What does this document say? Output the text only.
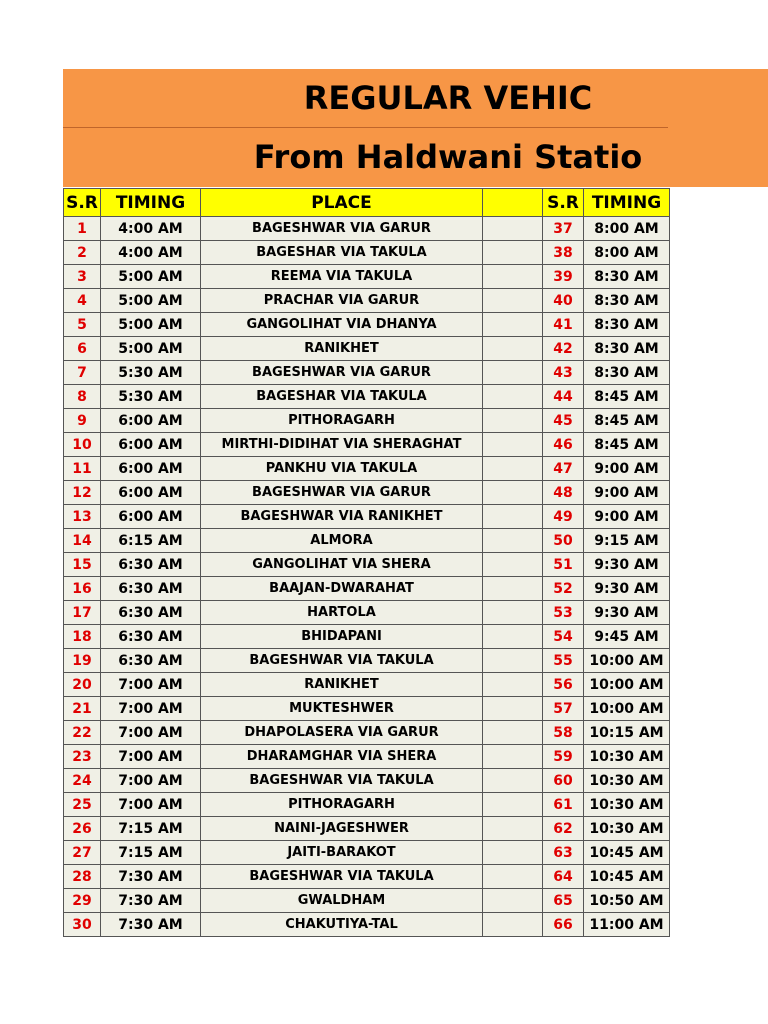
REGULAR VEHIC
From Haldwani Statio
S.R	TIMING	PLACE		S.R	TIMING
1	4:00 AM	BAGESHWAR VIA GARUR		37	8:00 AM
2	4:00 AM	BAGESHAR VIA TAKULA		38	8:00 AM
3	5:00 AM	REEMA VIA TAKULA		39	8:30 AM
4	5:00 AM	PRACHAR VIA GARUR		40	8:30 AM
5	5:00 AM	GANGOLIHAT VIA DHANYA		41	8:30 AM
6	5:00 AM	RANIKHET		42	8:30 AM
7	5:30 AM	BAGESHWAR VIA GARUR		43	8:30 AM
8	5:30 AM	BAGESHAR VIA TAKULA		44	8:45 AM
9	6:00 AM	PITHORAGARH		45	8:45 AM
10	6:00 AM	MIRTHI-DIDIHAT VIA SHERAGHAT		46	8:45 AM
11	6:00 AM	PANKHU VIA TAKULA		47	9:00 AM
12	6:00 AM	BAGESHWAR VIA GARUR		48	9:00 AM
13	6:00 AM	BAGESHWAR VIA RANIKHET		49	9:00 AM
14	6:15 AM	ALMORA		50	9:15 AM
15	6:30 AM	GANGOLIHAT VIA SHERA		51	9:30 AM
16	6:30 AM	BAAJAN-DWARAHAT		52	9:30 AM
17	6:30 AM	HARTOLA		53	9:30 AM
18	6:30 AM	BHIDAPANI		54	9:45 AM
19	6:30 AM	BAGESHWAR VIA TAKULA		55	10:00 AM
20	7:00 AM	RANIKHET		56	10:00 AM
21	7:00 AM	MUKTESHWER		57	10:00 AM
22	7:00 AM	DHAPOLASERA VIA GARUR		58	10:15 AM
23	7:00 AM	DHARAMGHAR VIA SHERA		59	10:30 AM
24	7:00 AM	BAGESHWAR VIA TAKULA		60	10:30 AM
25	7:00 AM	PITHORAGARH		61	10:30 AM
26	7:15 AM	NAINI-JAGESHWER		62	10:30 AM
27	7:15 AM	JAITI-BARAKOT		63	10:45 AM
28	7:30 AM	BAGESHWAR VIA TAKULA		64	10:45 AM
29	7:30 AM	GWALDHAM		65	10:50 AM
30	7:30 AM	CHAKUTIYA-TAL		66	11:00 AM
